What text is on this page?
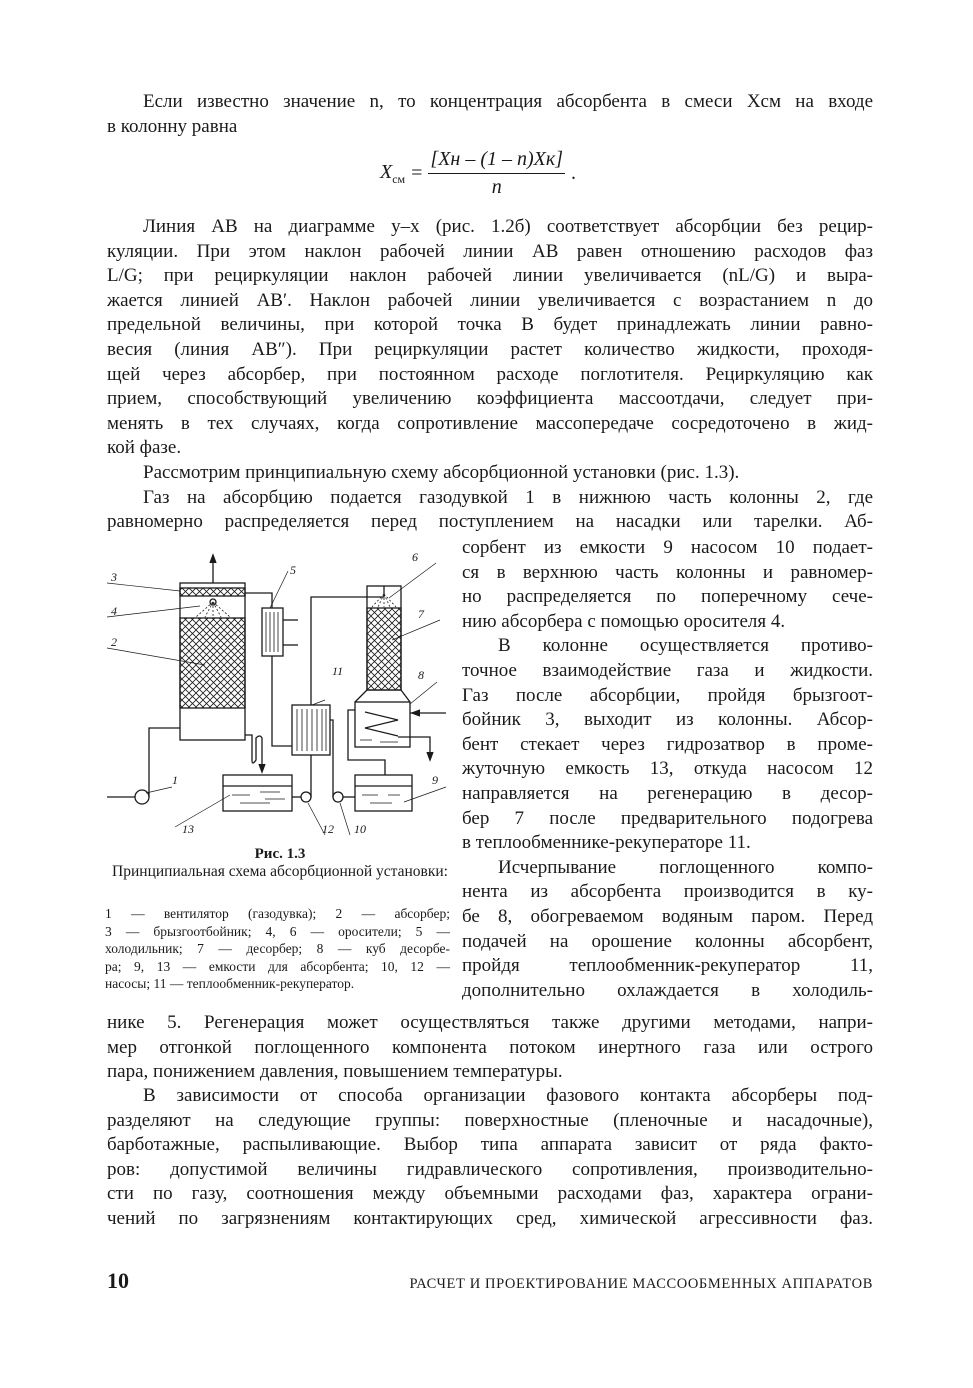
Если известно значение n, то концентрация абсорбента в смеси Xсм на входе
в колонну равна
$X_{см} = \frac{[Xн - (1 - n)Xк]}{n}$ .
Линия AB на диаграмме y–x (рис. 1.2б) соответствует абсорбции без рецир-
куляции. При этом наклон рабочей линии AB равен отношению расходов фаз
L/G; при рециркуляции наклон рабочей линии увеличивается (nL/G) и выра-
жается линией AB′. Наклон рабочей линии увеличивается с возрастанием n до
предельной величины, при которой точка B будет принадлежать линии равно-
весия (линия AB″). При рециркуляции растет количество жидкости, проходя-
щей через абсорбер, при постоянном расходе поглотителя. Рециркуляцию как
прием, способствующий увеличению коэффициента массоотдачи, следует при-
менять в тех случаях, когда сопротивление массопередаче сосредоточено в жид-
кой фазе.
Рассмотрим принципиальную схему абсорбционной установки (рис. 1.3).
Газ на абсорбцию подается газодувкой 1 в нижнюю часть колонны 2, где
равномерно распределяется перед поступлением на насадки или тарелки. Аб-
сорбент из емкости 9 насосом 10 подает-
ся в верхнюю часть колонны и равномер-
но распределяется по поперечному сече-
нию абсорбера с помощью оросителя 4.
В колонне осуществляется противо-
точное взаимодействие газа и жидкости.
Газ после абсорбции, пройдя брызгоот-
бойник 3, выходит из колонны. Абсор-
бент стекает через гидрозатвор в проме-
жуточную емкость 13, откуда насосом 12
направляется на регенерацию в десор-
бер 7 после предварительного подогрева
в теплообменнике-рекуператоре 11.
Исчерпывание поглощенного компо-
нента из абсорбента производится в ку-
бе 8, обогреваемом водяным паром. Перед
подачей на орошение колонны абсорбент,
пройдя теплообменник-рекуператор 11,
дополнительно охлаждается в холодиль-
3
4
2
1
5
6
7
8
9
10
11
12
13
Рис. 1.3
Принципиальная схема абсорбционной установки:
1 — вентилятор (газодувка); 2 — абсорбер;
3 — брызгоотбойник; 4, 6 — оросители; 5 —
холодильник; 7 — десорбер; 8 — куб десорбе-
ра; 9, 13 — емкости для абсорбента; 10, 12 —
насосы; 11 — теплообменник-рекуператор.
нике 5. Регенерация может осуществляться также другими методами, напри-
мер отгонкой поглощенного компонента потоком инертного газа или острого
пара, понижением давления, повышением температуры.
В зависимости от способа организации фазового контакта абсорберы под-
разделяют на следующие группы: поверхностные (пленочные и насадочные),
барботажные, распыливающие. Выбор типа аппарата зависит от ряда факто-
ров: допустимой величины гидравлического сопротивления, производительно-
сти по газу, соотношения между объемными расходами фаз, характера ограни-
чений по загрязнениям контактирующих сред, химической агрессивности фаз.
10	РАСЧЕТ И ПРОЕКТИРОВАНИЕ МАССООБМЕННЫХ АППАРАТОВ
